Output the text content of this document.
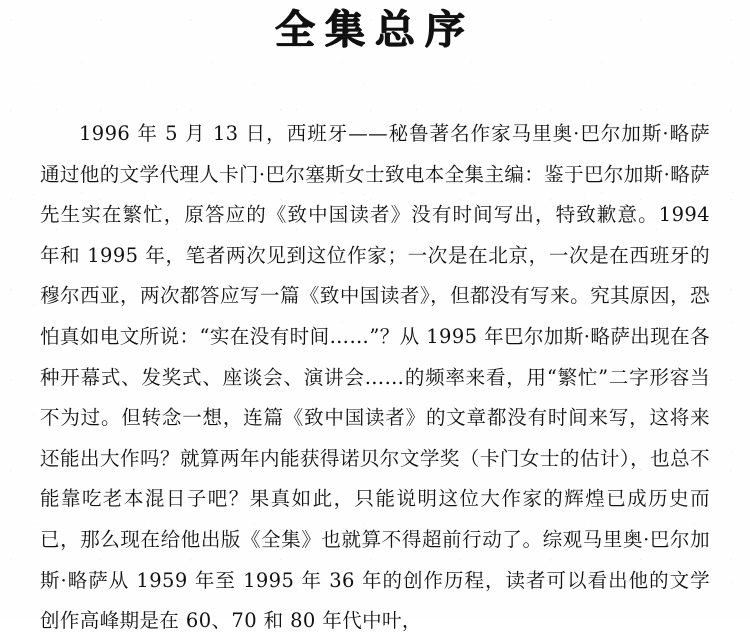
全集总序

1996 年 5 月 13 日，西班牙——秘鲁著名作家马里奥·巴尔加斯·略萨通过他的文学代理人卡门·巴尔塞斯女士致电本全集主编：鉴于巴尔加斯·略萨先生实在繁忙，原答应的《致中国读者》没有时间写出，特致歉意。1994 年和 1995 年，笔者两次见到这位作家；一次是在北京，一次是在西班牙的穆尔西亚，两次都答应写一篇《致中国读者》，但都没有写来。究其原因，恐怕真如电文所说：“实在没有时间……”？从 1995 年巴尔加斯·略萨出现在各种开幕式、发奖式、座谈会、演讲会……的频率来看，用“繁忙”二字形容当不为过。但转念一想，连篇《致中国读者》的文章都没有时间来写，这将来还能出大作吗？就算两年内能获得诺贝尔文学奖（卡门女士的估计），也总不能靠吃老本混日子吧？果真如此，只能说明这位大作家的辉煌已成历史而已，那么现在给他出版《全集》也就算不得超前行动了。综观马里奥·巴尔加斯·略萨从 1959 年至 1995 年 36 年的创作历程，读者可以看出他的文学创作高峰期是在 60、70 和 80 年代中叶，
